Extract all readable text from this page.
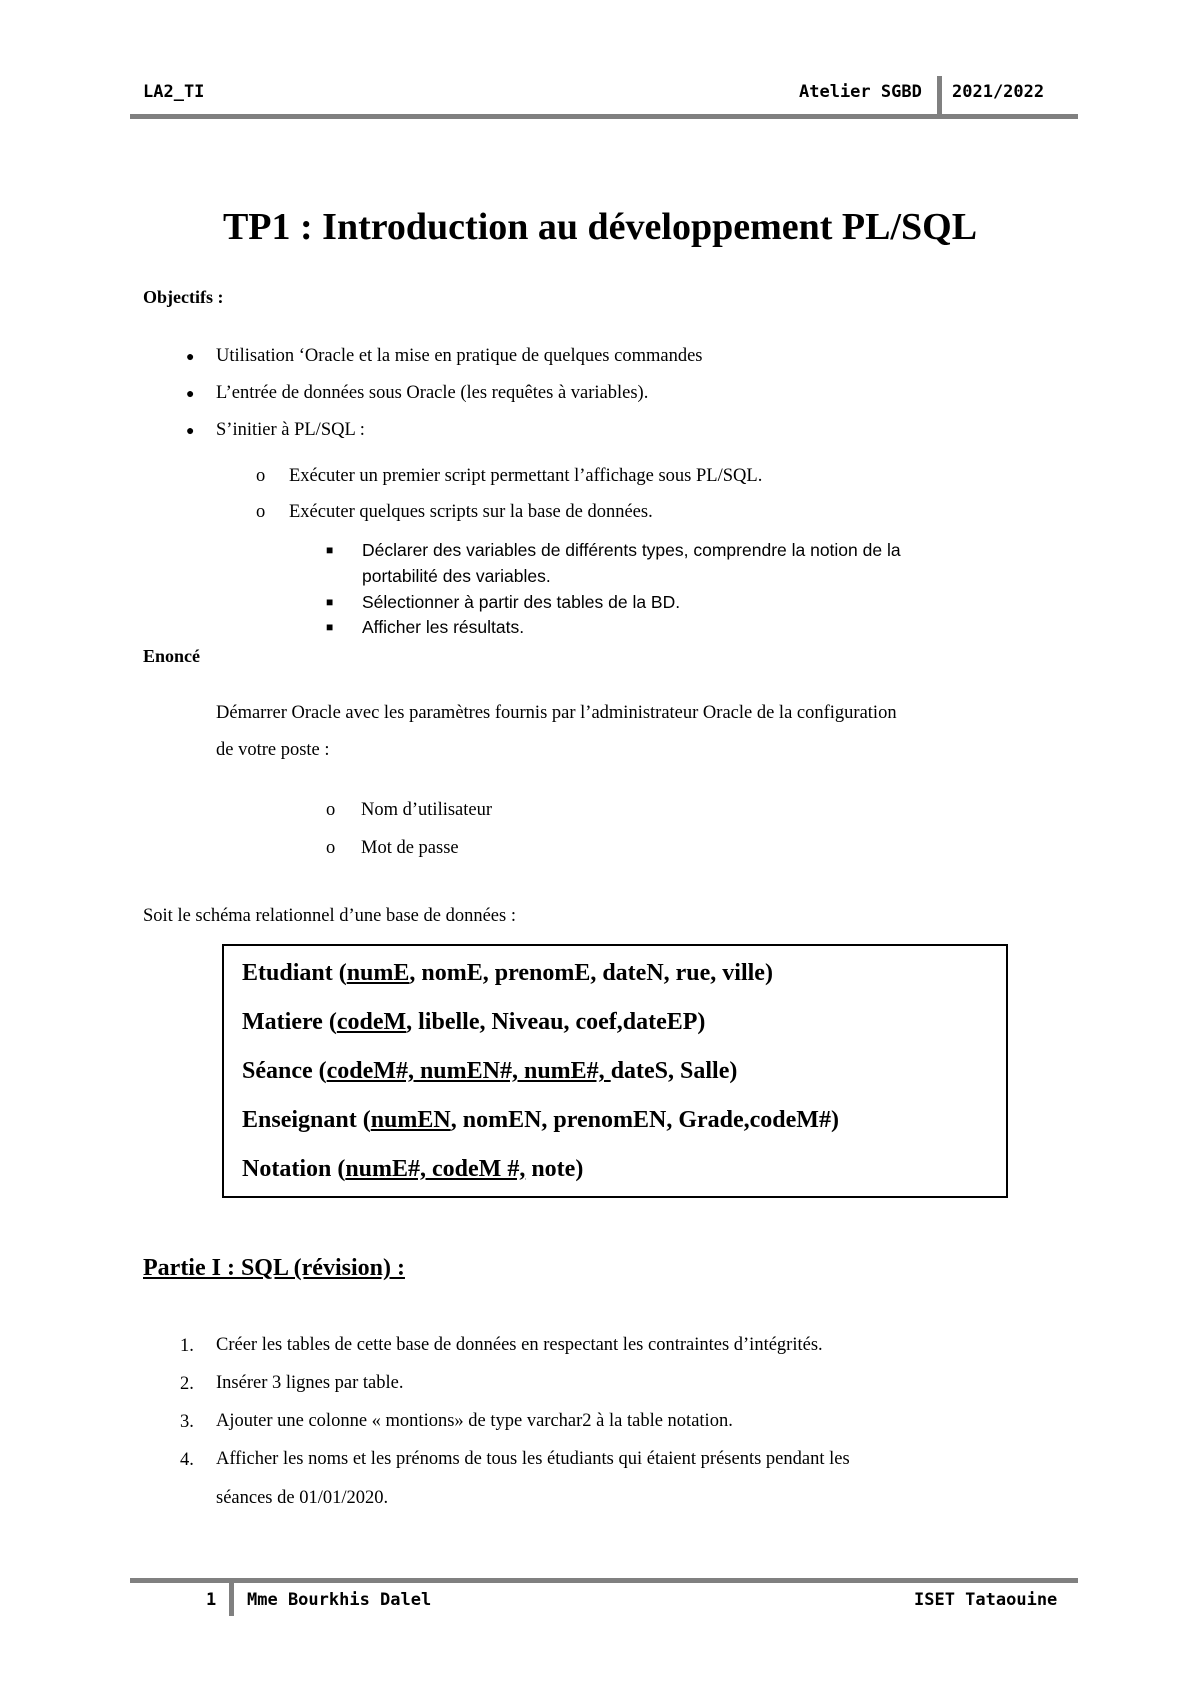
LA2_TI	Atelier SGBD 2021/2022
TP1 : Introduction au développement PL/SQL
Objectifs :
● Utilisation ‘Oracle et la mise en pratique de quelques commandes
● L’entrée de données sous Oracle (les requêtes à variables).
● S’initier à PL/SQL :
o Exécuter un premier script permettant l’affichage sous PL/SQL.
o Exécuter quelques scripts sur la base de données.
■ Déclarer des variables de différents types, comprendre la notion de la
portabilité des variables.
■ Sélectionner à partir des tables de la BD.
■ Afficher les résultats.
Enoncé
Démarrer Oracle avec les paramètres fournis par l’administrateur Oracle de la configuration
de votre poste :
o Nom d’utilisateur
o Mot de passe
Soit le schéma relationnel d’une base de données :
Etudiant (numE, nomE, prenomE, dateN, rue, ville)
Matiere (codeM, libelle, Niveau, coef,dateEP)
Séance (codeM#, numEN#, numE#, dateS, Salle)
Enseignant (numEN, nomEN, prenomEN, Grade,codeM#)
Notation (numE#, codeM #, note)
Partie I : SQL (révision) :
1. Créer les tables de cette base de données en respectant les contraintes d’intégrités.
2. Insérer 3 lignes par table.
3. Ajouter une colonne « montions» de type varchar2 à la table notation.
4. Afficher les noms et les prénoms de tous les étudiants qui étaient présents pendant les
séances de 01/01/2020.
1 Mme Bourkhis Dalel	ISET Tataouine
